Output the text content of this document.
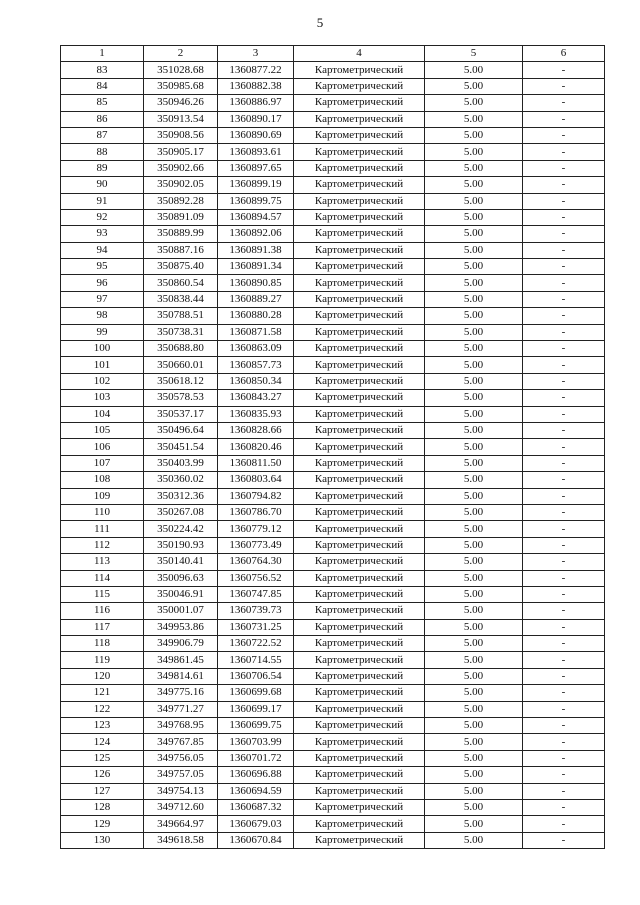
5
1	2	3	4	5	6
83	351028.68	1360877.22	Картометрический	5.00	-
84	350985.68	1360882.38	Картометрический	5.00	-
85	350946.26	1360886.97	Картометрический	5.00	-
86	350913.54	1360890.17	Картометрический	5.00	-
87	350908.56	1360890.69	Картометрический	5.00	-
88	350905.17	1360893.61	Картометрический	5.00	-
89	350902.66	1360897.65	Картометрический	5.00	-
90	350902.05	1360899.19	Картометрический	5.00	-
91	350892.28	1360899.75	Картометрический	5.00	-
92	350891.09	1360894.57	Картометрический	5.00	-
93	350889.99	1360892.06	Картометрический	5.00	-
94	350887.16	1360891.38	Картометрический	5.00	-
95	350875.40	1360891.34	Картометрический	5.00	-
96	350860.54	1360890.85	Картометрический	5.00	-
97	350838.44	1360889.27	Картометрический	5.00	-
98	350788.51	1360880.28	Картометрический	5.00	-
99	350738.31	1360871.58	Картометрический	5.00	-
100	350688.80	1360863.09	Картометрический	5.00	-
101	350660.01	1360857.73	Картометрический	5.00	-
102	350618.12	1360850.34	Картометрический	5.00	-
103	350578.53	1360843.27	Картометрический	5.00	-
104	350537.17	1360835.93	Картометрический	5.00	-
105	350496.64	1360828.66	Картометрический	5.00	-
106	350451.54	1360820.46	Картометрический	5.00	-
107	350403.99	1360811.50	Картометрический	5.00	-
108	350360.02	1360803.64	Картометрический	5.00	-
109	350312.36	1360794.82	Картометрический	5.00	-
110	350267.08	1360786.70	Картометрический	5.00	-
111	350224.42	1360779.12	Картометрический	5.00	-
112	350190.93	1360773.49	Картометрический	5.00	-
113	350140.41	1360764.30	Картометрический	5.00	-
114	350096.63	1360756.52	Картометрический	5.00	-
115	350046.91	1360747.85	Картометрический	5.00	-
116	350001.07	1360739.73	Картометрический	5.00	-
117	349953.86	1360731.25	Картометрический	5.00	-
118	349906.79	1360722.52	Картометрический	5.00	-
119	349861.45	1360714.55	Картометрический	5.00	-
120	349814.61	1360706.54	Картометрический	5.00	-
121	349775.16	1360699.68	Картометрический	5.00	-
122	349771.27	1360699.17	Картометрический	5.00	-
123	349768.95	1360699.75	Картометрический	5.00	-
124	349767.85	1360703.99	Картометрический	5.00	-
125	349756.05	1360701.72	Картометрический	5.00	-
126	349757.05	1360696.88	Картометрический	5.00	-
127	349754.13	1360694.59	Картометрический	5.00	-
128	349712.60	1360687.32	Картометрический	5.00	-
129	349664.97	1360679.03	Картометрический	5.00	-
130	349618.58	1360670.84	Картометрический	5.00	-
